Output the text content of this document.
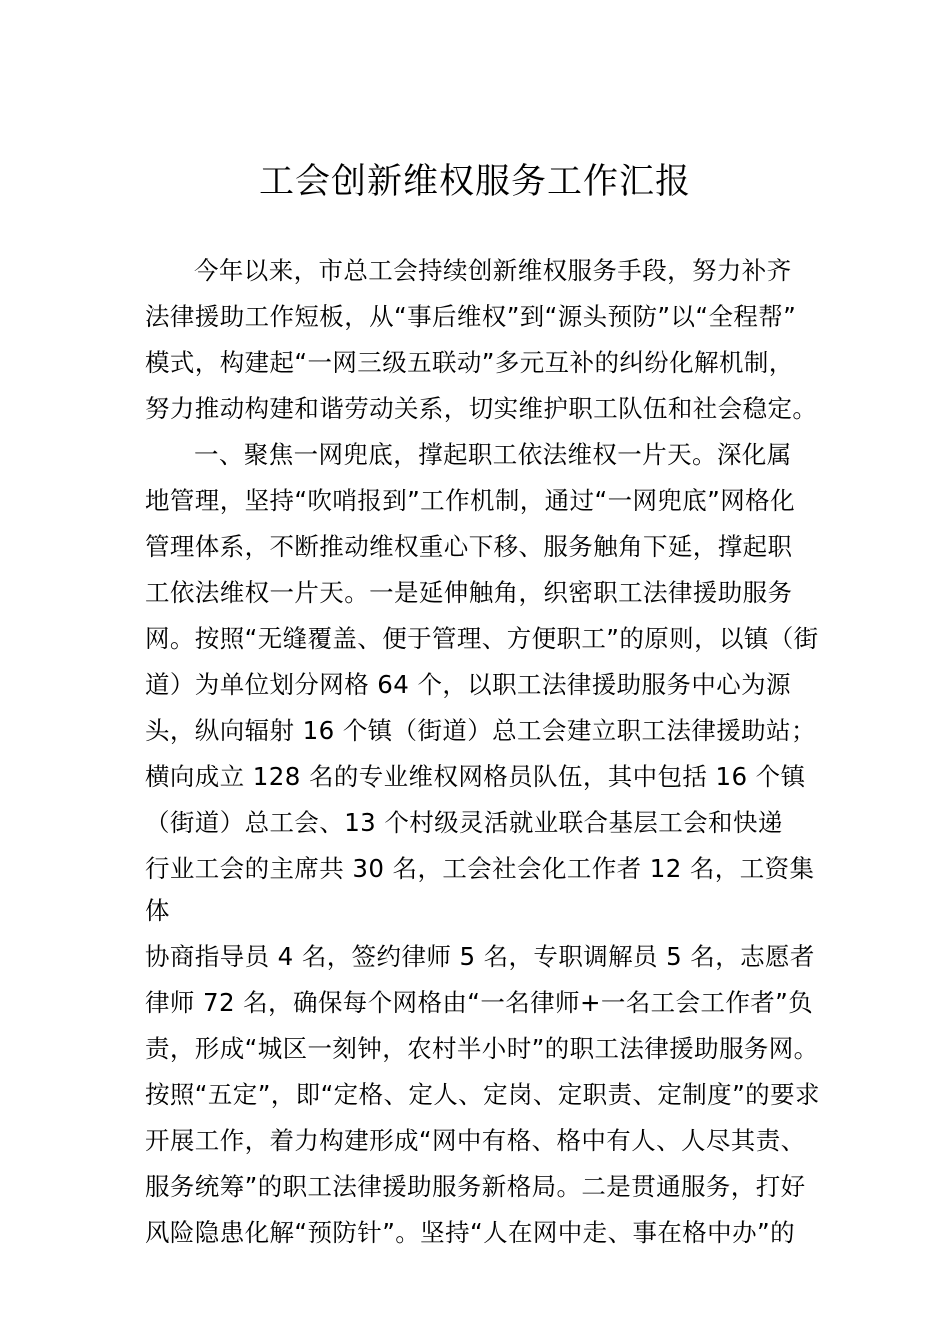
工会创新维权服务工作汇报
今年以来，市总工会持续创新维权服务手段，努力补齐
法律援助工作短板，从“事后维权”到“源头预防”以“全程帮”
模式，构建起“一网三级五联动”多元互补的纠纷化解机制，
努力推动构建和谐劳动关系，切实维护职工队伍和社会稳定。
一、聚焦一网兜底，撑起职工依法维权一片天。深化属
地管理，坚持“吹哨报到”工作机制，通过“一网兜底”网格化
管理体系，不断推动维权重心下移、服务触角下延，撑起职
工依法维权一片天。一是延伸触角，织密职工法律援助服务
网。按照“无缝覆盖、便于管理、方便职工”的原则，以镇（街
道）为单位划分网格 64 个，以职工法律援助服务中心为源
头，纵向辐射 16 个镇（街道）总工会建立职工法律援助站；
横向成立 128 名的专业维权网格员队伍，其中包括 16 个镇
（街道）总工会、13 个村级灵活就业联合基层工会和快递
行业工会的主席共 30 名，工会社会化工作者 12 名，工资集
体
协商指导员 4 名，签约律师 5 名，专职调解员 5 名，志愿者
律师 72 名，确保每个网格由“一名律师+一名工会工作者”负
责，形成“城区一刻钟，农村半小时”的职工法律援助服务网。
按照“五定”，即“定格、定人、定岗、定职责、定制度”的要求
开展工作，着力构建形成“网中有格、格中有人、人尽其责、
服务统筹”的职工法律援助服务新格局。二是贯通服务，打好
风险隐患化解“预防针”。坚持“人在网中走、事在格中办”的
